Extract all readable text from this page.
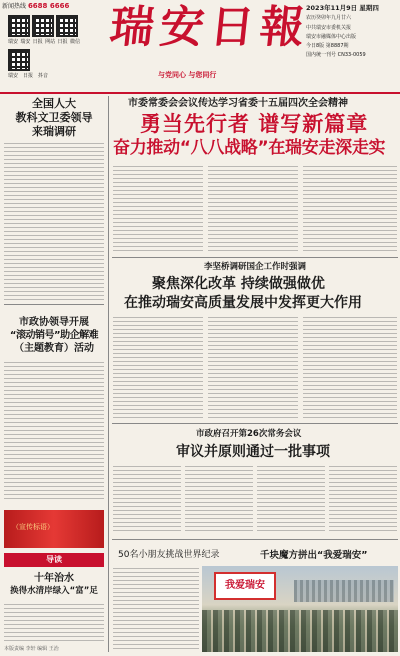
新闻热线 6688 6666
瑞安 瑞安 日报 网站 日报 微信
瑞安 日报 抖音
瑞安日報
与党同心 与您同行
2023年11月9日 星期四
农历癸卯年九月廿六
中共瑞安市委机关报
瑞安市融媒体中心出版
今日8版 第8887期
国内统一刊号 CN33-0059
全国人大
教科文卫委领导
来瑞调研
市政协领导开展
“滚动销号”助企解难
（主题教育）活动
（宣传标语）
导读
十年治水
换得水清岸绿入“富”足
本版责编 李轩 编辑 王治
市委常委会会议传达学习省委十五届四次全会精神
勇当先行者 谱写新篇章
奋力推动“八八战略”在瑞安走深走实
李坚桥调研国企工作时强调
聚焦深化改革 持续做强做优
在推动瑞安高质量发展中发挥更大作用
市政府召开第26次常务会议
审议并原则通过一批事项
50名小朋友挑战世界纪录	千块魔方拼出“我爱瑞安”
我爱瑞安
